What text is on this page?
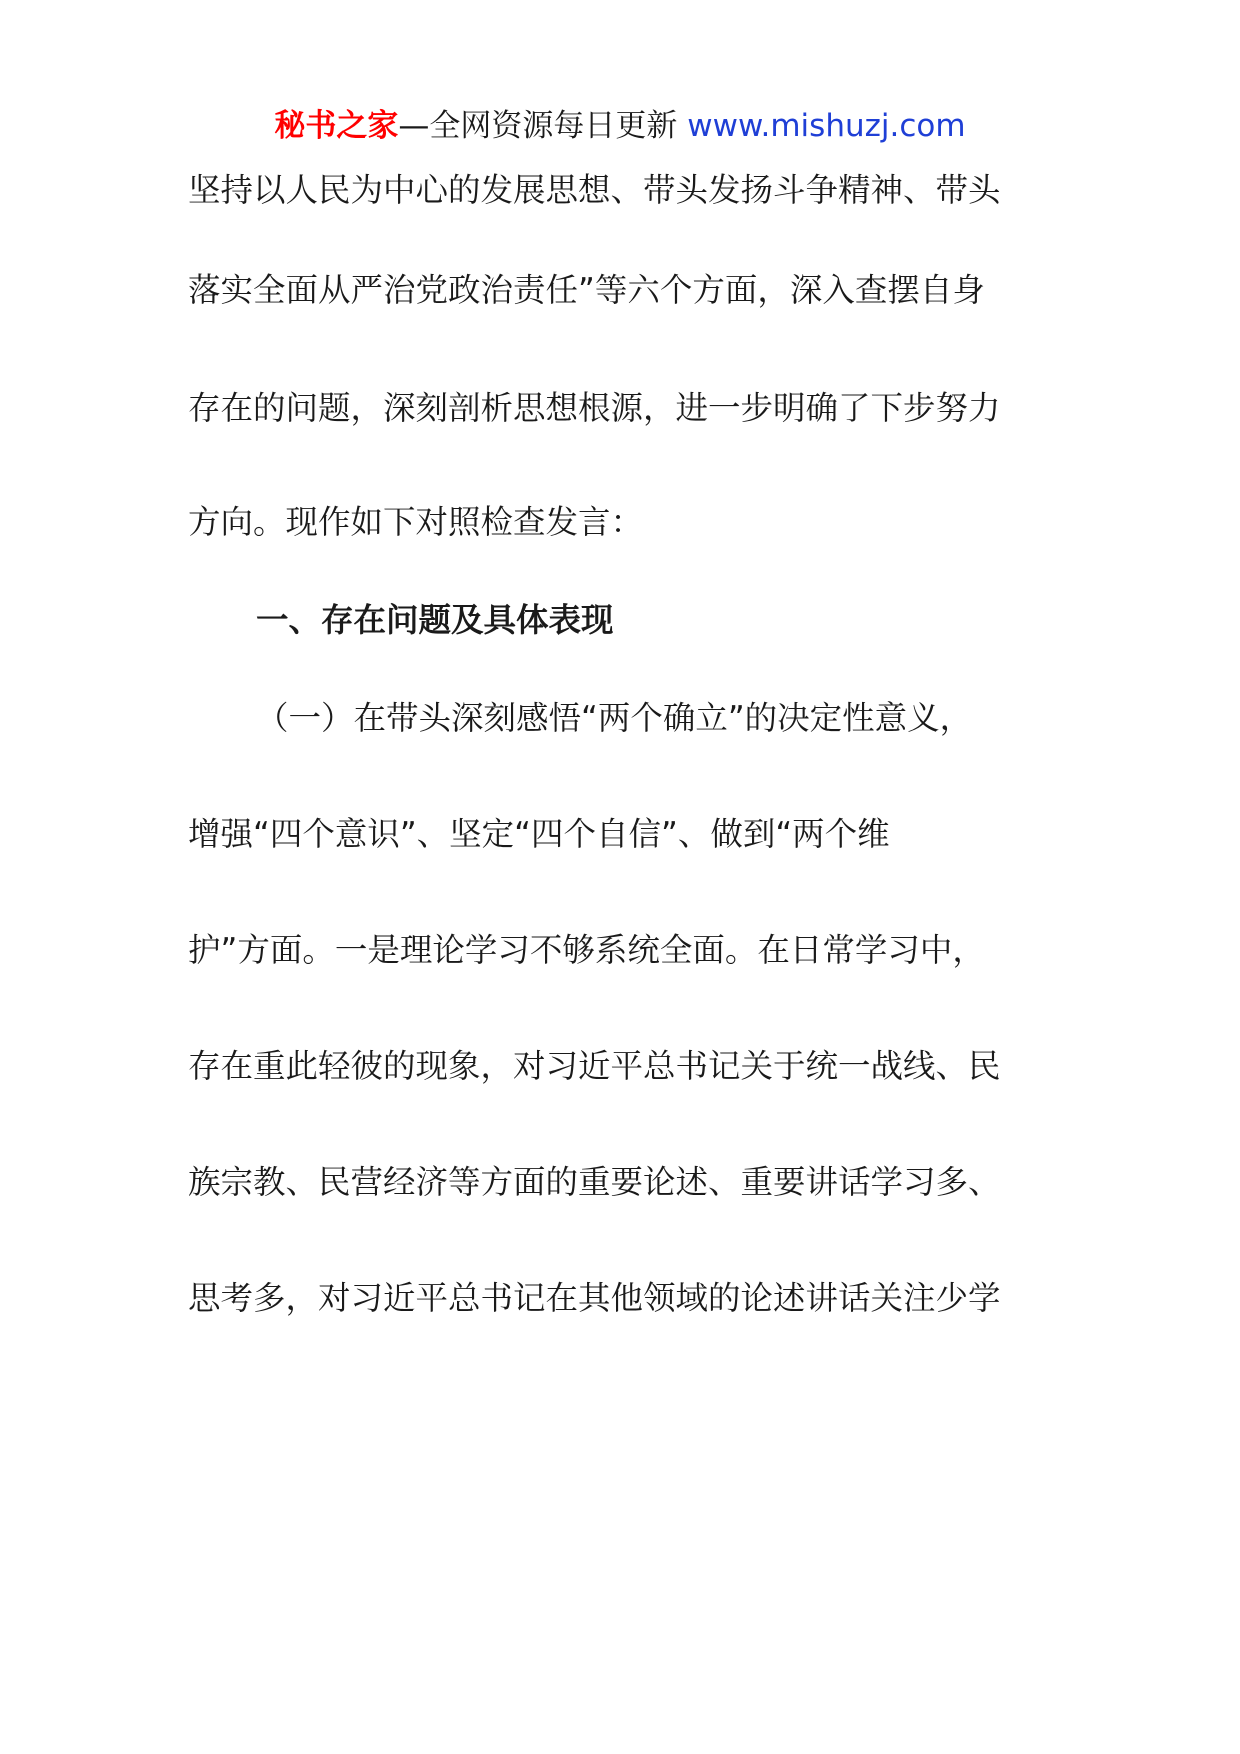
秘书之家—全网资源每日更新 www.mishuzj.com
坚持以人民为中心的发展思想、带头发扬斗争精神、带头
落实全面从严治党政治责任”等六个方面，深入查摆自身
存在的问题，深刻剖析思想根源，进一步明确了下步努力
方向。现作如下对照检查发言：
一、存在问题及具体表现
（一）在带头深刻感悟“两个确立”的决定性意义，
增强“四个意识”、坚定“四个自信”、做到“两个维
护”方面。一是理论学习不够系统全面。在日常学习中，
存在重此轻彼的现象，对习近平总书记关于统一战线、民
族宗教、民营经济等方面的重要论述、重要讲话学习多、
思考多，对习近平总书记在其他领域的论述讲话关注少学
